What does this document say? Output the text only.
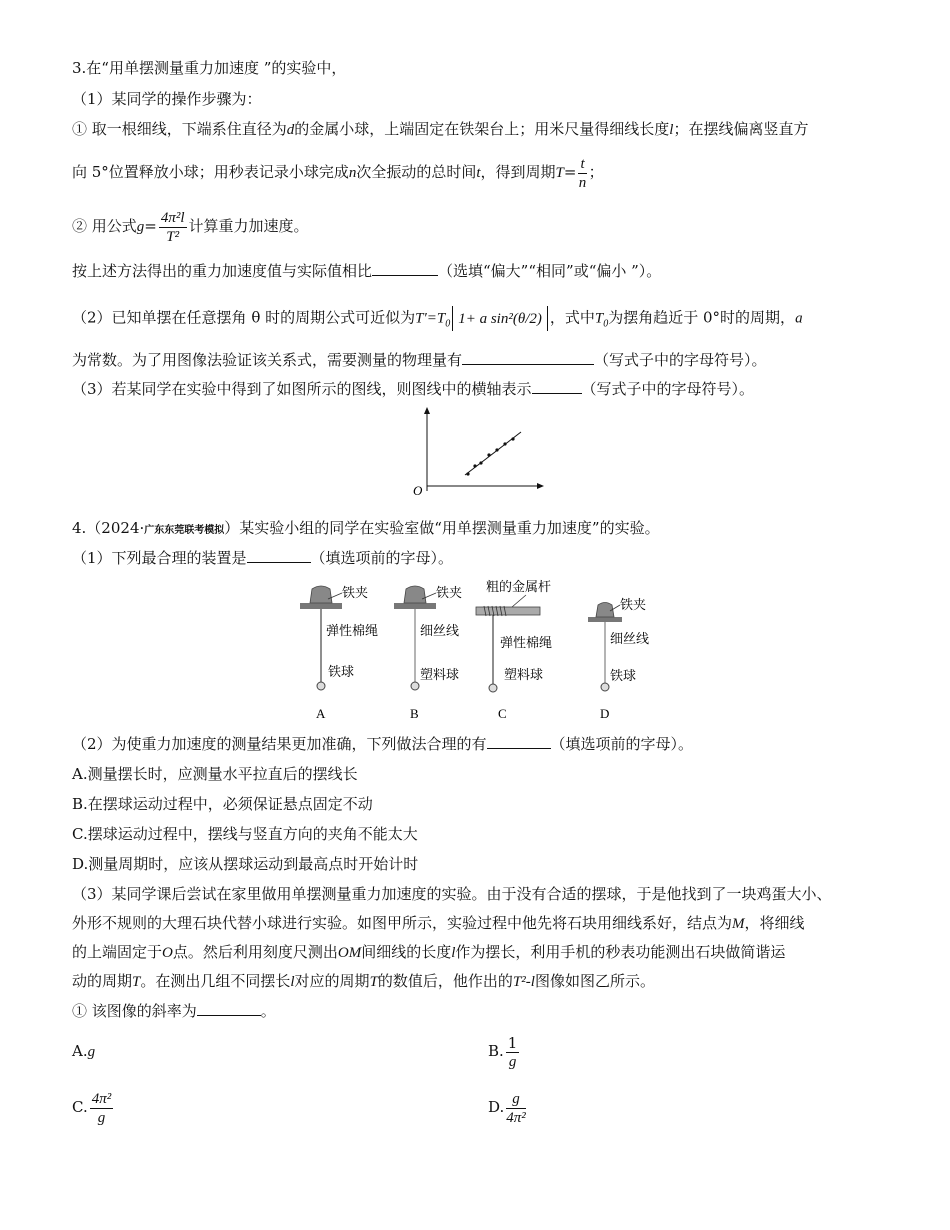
3.在“用单摆测量重力加速度 ”的实验中，
（1）某同学的操作步骤为：
① 取一根细线，下端系住直径为d的金属小球，上端固定在铁架台上；用米尺量得细线长度l；在摆线偏离竖直方
向 5°位置释放小球；用秒表记录小球完成n次全振动的总时间t，得到周期$T= \frac{t}{n}$ ；
② 用公式$g= \frac{\text{4π²l}}{\text{T²}}$ 计算重力加速度。
按上述方法得出的重力加速度值与实际值相比	（选填“偏大”“相同”或“偏小 ”）。
（2）已知单摆在任意摆角 θ 时的周期公式可近似为$T'=T_0$ 1+ a sin²(θ/2) ，式中$T_0$为摆角趋近于 0°时的周期，a
为常数。为了用图像法验证该关系式，需要测量的物理量有	（写式子中的字母符号）。
（3）若某同学在实验中得到了如图所示的图线，则图线中的横轴表示	（写式子中的字母符号）。
O
4.（2024·广东东莞联考模拟）某实验小组的同学在实验室做“用单摆测量重力加速度”的实验。
（1）下列最合理的装置是	（填选项前的字母）。
铁夹
弹性棉绳
铁球
A
铁夹
细丝线
塑料球
B
粗的金属杆
弹性棉绳
塑料球
C
铁夹
细丝线
铁球
D
（2）为使重力加速度的测量结果更加准确，下列做法合理的有	（填选项前的字母）。
A.测量摆长时，应测量水平拉直后的摆线长
B.在摆球运动过程中，必须保证悬点固定不动
C.摆球运动过程中，摆线与竖直方向的夹角不能太大
D.测量周期时，应该从摆球运动到最高点时开始计时
（3）某同学课后尝试在家里做用单摆测量重力加速度的实验。由于没有合适的摆球，于是他找到了一块鸡蛋大小、
外形不规则的大理石块代替小球进行实验。如图甲所示，实验过程中他先将石块用细线系好，结点为M，将细线
的上端固定于O点。然后利用刻度尺测出OM间细线的长度l作为摆长，利用手机的秒表功能测出石块做简谐运
动的周期T。在测出几组不同摆长l对应的周期T的数值后，他作出的T²-l图像如图乙所示。
① 该图像的斜率为	。
A.g	B. $\frac{1}{g}$
C. $\frac{\text{4π²}}{g}$	D. $\frac{g}{\text{4π²}}$
